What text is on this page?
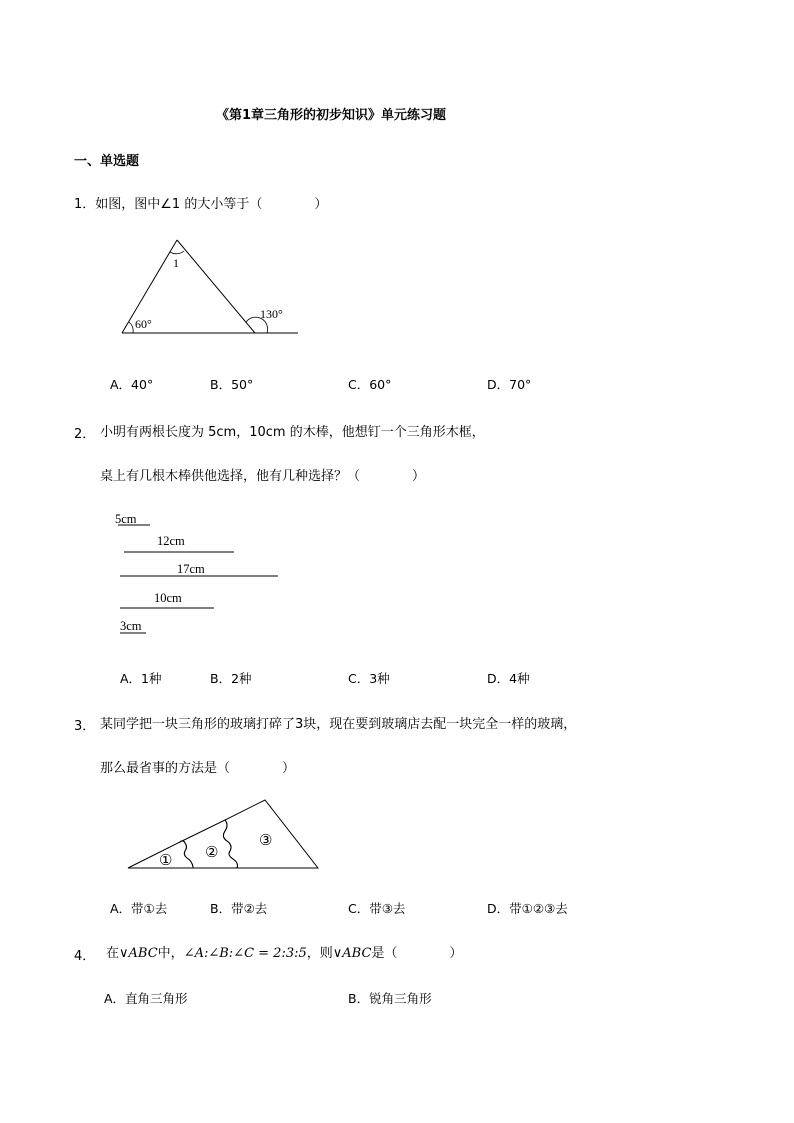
《第1章三角形的初步知识》单元练习题
一、单选题
1．如图，图中∠1 的大小等于（　　　　）
1
60°
130°
A．40°	B．50°	C．60°	D．70°
2． 小明有两根长度为 5cm，10cm 的木棒，他想钉一个三角形木框，
桌上有几根木棒供他选择，他有几种选择？（　　　　）
5cm
12cm
17cm
10cm
3cm
A．1种	B．2种	C．3种	D．4种
3． 某同学把一块三角形的玻璃打碎了3块，现在要到玻璃店去配一块完全一样的玻璃，
那么最省事的方法是（　　　　）
① ②
③
A．带①去	B．带②去	C．带③去	D．带①②③去
4． 在∨ABC中，∠A:∠B:∠C = 2:3:5，则∨ABC是（　　　　）
A．直角三角形	B．锐角三角形
